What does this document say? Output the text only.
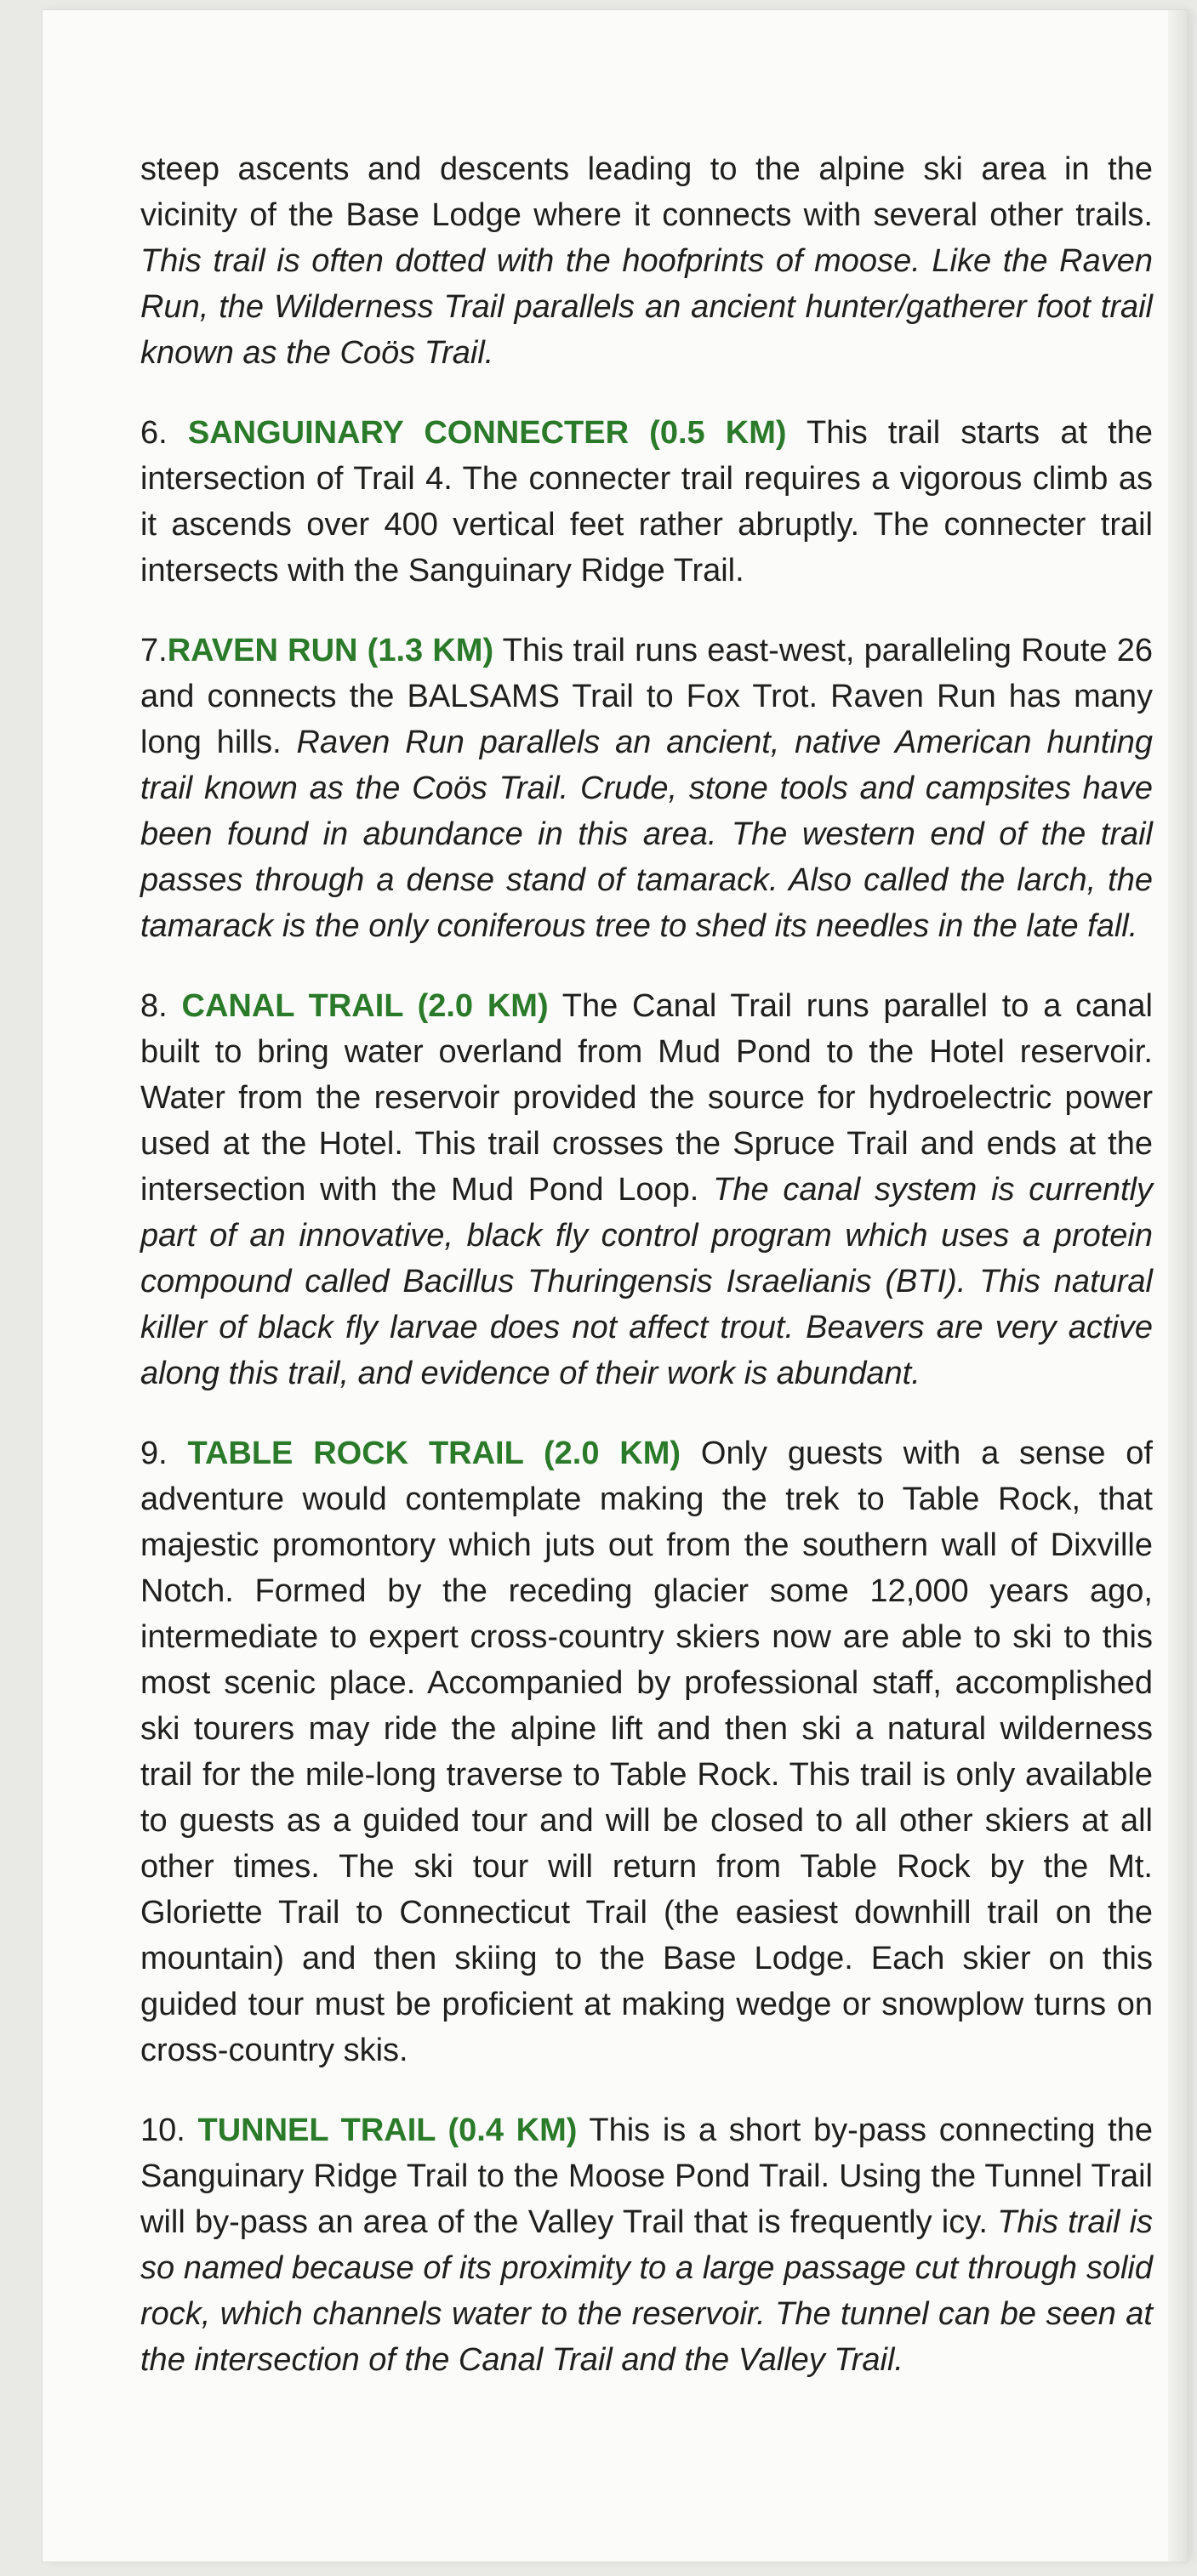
steep ascents and descents leading to the alpine ski area in the vicinity of the Base Lodge where it connects with several other trails. This trail is often dotted with the hoofprints of moose. Like the Raven Run, the Wilderness Trail parallels an ancient hunter/gatherer foot trail known as the Coös Trail.

6. SANGUINARY CONNECTER (0.5 KM) This trail starts at the intersection of Trail 4. The connecter trail requires a vigorous climb as it ascends over 400 vertical feet rather abruptly. The connecter trail intersects with the Sanguinary Ridge Trail.

7.RAVEN RUN (1.3 KM) This trail runs east-west, paralleling Route 26 and connects the BALSAMS Trail to Fox Trot. Raven Run has many long hills. Raven Run parallels an ancient, native American hunting trail known as the Coös Trail. Crude, stone tools and campsites have been found in abundance in this area. The western end of the trail passes through a dense stand of tamarack. Also called the larch, the tamarack is the only coniferous tree to shed its needles in the late fall.

8. CANAL TRAIL (2.0 KM) The Canal Trail runs parallel to a canal built to bring water overland from Mud Pond to the Hotel reservoir. Water from the reservoir provided the source for hydroelectric power used at the Hotel. This trail crosses the Spruce Trail and ends at the intersection with the Mud Pond Loop. The canal system is currently part of an innovative, black fly control program which uses a protein compound called Bacillus Thuringensis Israelianis (BTI). This natural killer of black fly larvae does not affect trout. Beavers are very active along this trail, and evidence of their work is abundant.

9. TABLE ROCK TRAIL (2.0 KM) Only guests with a sense of adventure would contemplate making the trek to Table Rock, that majestic promontory which juts out from the southern wall of Dixville Notch. Formed by the receding glacier some 12,000 years ago, intermediate to expert cross-country skiers now are able to ski to this most scenic place. Accompanied by professional staff, accomplished ski tourers may ride the alpine lift and then ski a natural wilderness trail for the mile-long traverse to Table Rock. This trail is only available to guests as a guided tour and will be closed to all other skiers at all other times. The ski tour will return from Table Rock by the Mt. Gloriette Trail to Connecticut Trail (the easiest downhill trail on the mountain) and then skiing to the Base Lodge. Each skier on this guided tour must be proficient at making wedge or snowplow turns on cross-country skis.

10. TUNNEL TRAIL (0.4 KM) This is a short by-pass connecting the Sanguinary Ridge Trail to the Moose Pond Trail. Using the Tunnel Trail will by-pass an area of the Valley Trail that is frequently icy. This trail is so named because of its proximity to a large passage cut through solid rock, which channels water to the reservoir. The tunnel can be seen at the intersection of the Canal Trail and the Valley Trail.
